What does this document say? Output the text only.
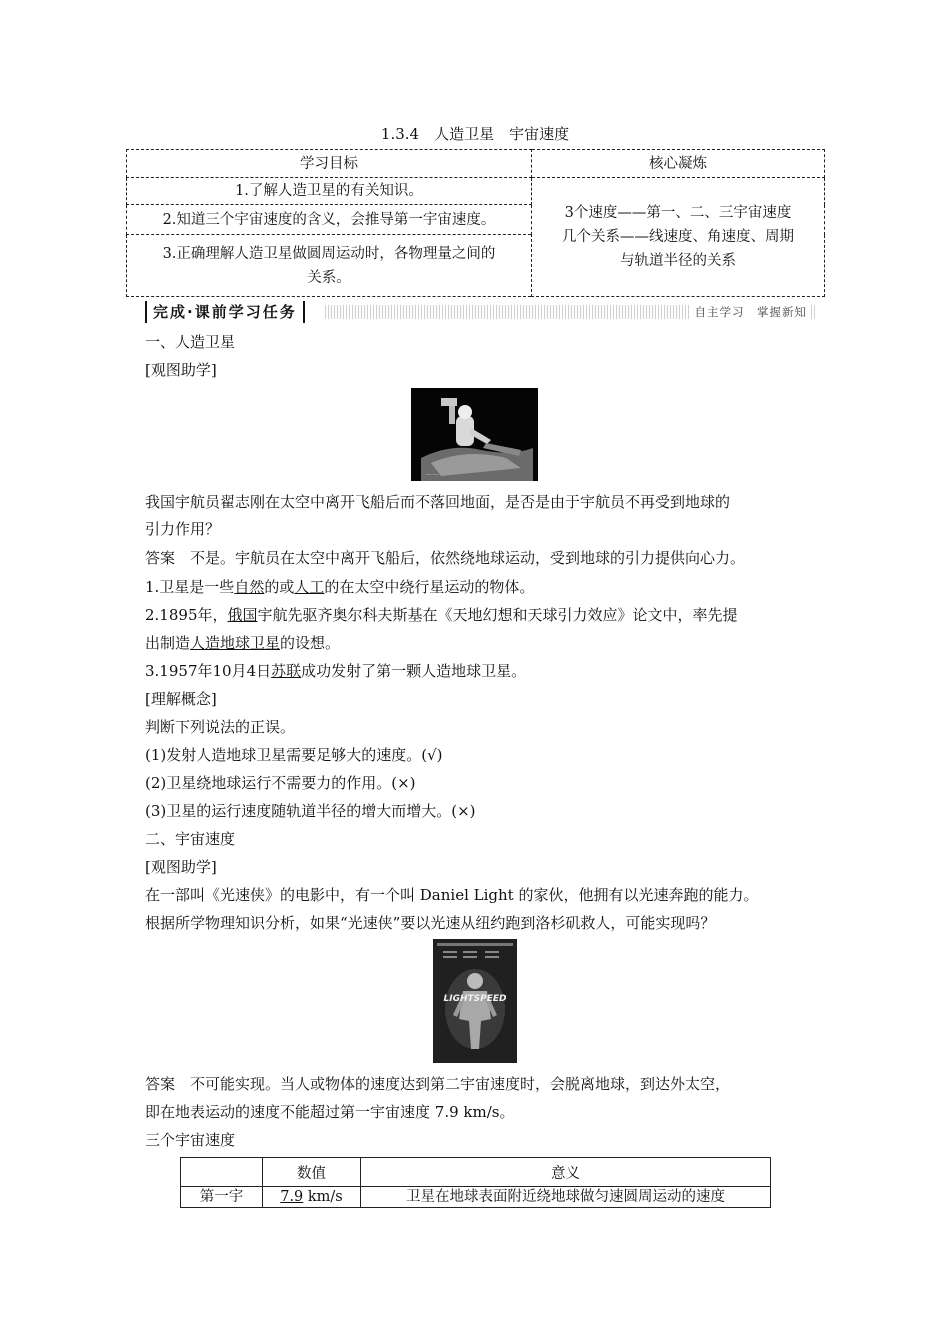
1.3.4　人造卫星　宇宙速度
学习目标	核心凝炼
1.了解人造卫星的有关知识。	3个速度——第一、二、三宇宙速度
几个关系——线速度、角速度、周期
与轨道半径的关系

2.知道三个宇宙速度的含义，会推导第一宇宙速度。	

3.正确理解人造卫星做圆周运动时，各物理量之间的
关系。	
完成·课前学习任务	自主学习　掌握新知
一、人造卫星
[观图助学]
——
我国宇航员翟志刚在太空中离开飞船后而不落回地面，是否是由于宇航员不再受到地球的
引力作用？
答案　不是。宇航员在太空中离开飞船后，依然绕地球运动，受到地球的引力提供向心力。
1.卫星是一些自然的或人工的在太空中绕行星运动的物体。
2.1895年，俄国宇航先驱齐奥尔科夫斯基在《天地幻想和天球引力效应》论文中，率先提
出制造人造地球卫星的设想。
3.1957年10月4日苏联成功发射了第一颗人造地球卫星。
[理解概念]
判断下列说法的正误。
(1)发射人造地球卫星需要足够大的速度。(√)
(2)卫星绕地球运行不需要力的作用。(×)
(3)卫星的运行速度随轨道半径的增大而增大。(×)
二、宇宙速度
[观图助学]
在一部叫《光速侠》的电影中，有一个叫 Daniel Light 的家伙，他拥有以光速奔跑的能力。
根据所学物理知识分析，如果“光速侠”要以光速从纽约跑到洛杉矶救人，可能实现吗？
LIGHTSPEED
答案　不可能实现。当人或物体的速度达到第二宇宙速度时，会脱离地球，到达外太空，
即在地表运动的速度不能超过第一宇宙速度 7.9 km/s。
三个宇宙速度
	数值	意义
第一宇	7.9 km/s	卫星在地球表面附近绕地球做匀速圆周运动的速度
